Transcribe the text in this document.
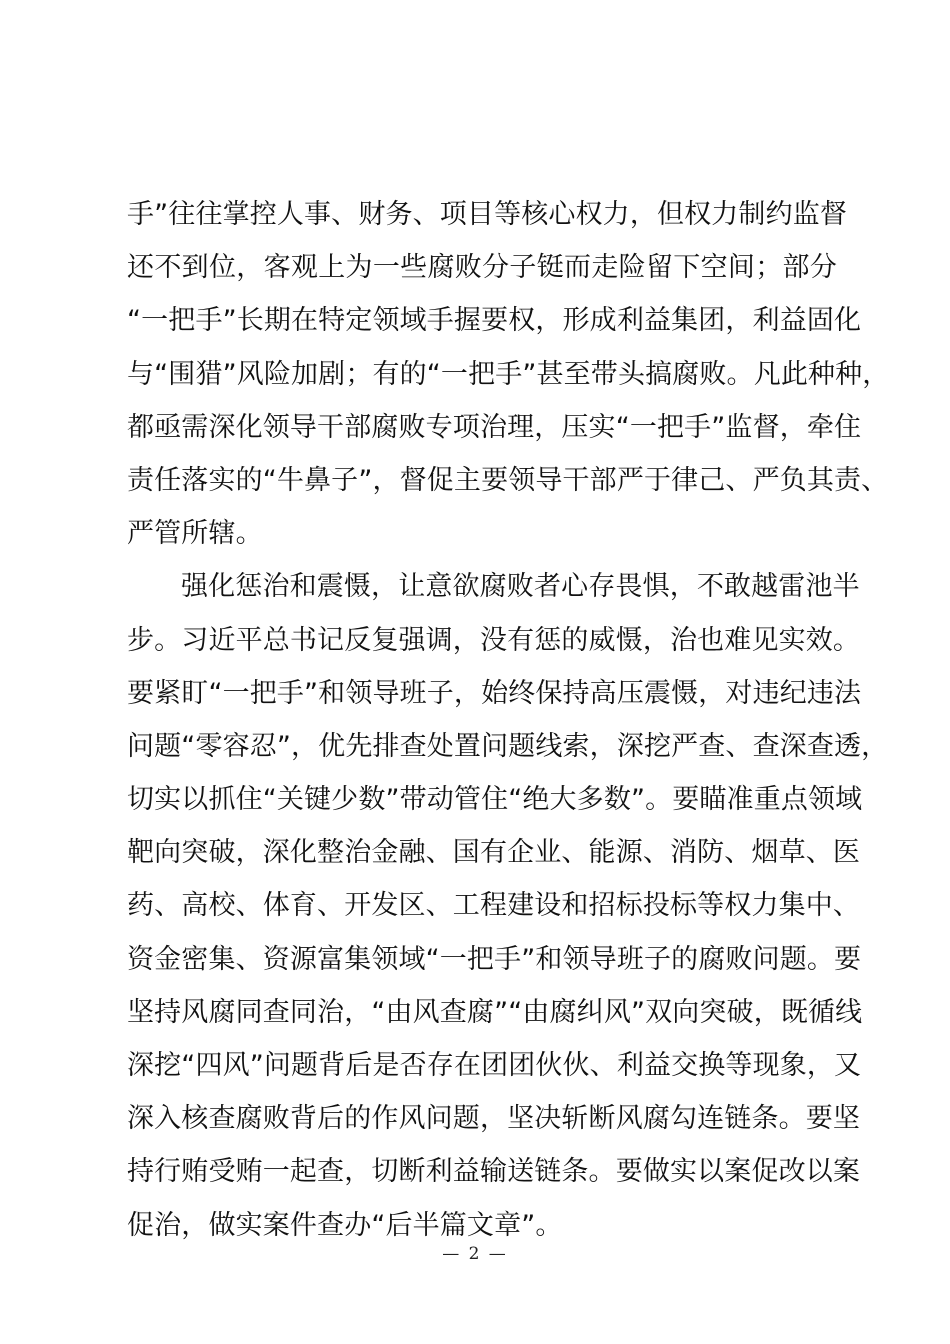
手”往往掌控人事、财务、项目等核心权力，但权力制约监督
还不到位，客观上为一些腐败分子铤而走险留下空间；部分
“一把手”长期在特定领域手握要权，形成利益集团，利益固化
与“围猎”风险加剧；有的“一把手”甚至带头搞腐败。凡此种种，
都亟需深化领导干部腐败专项治理，压实“一把手”监督，牵住
责任落实的“牛鼻子”，督促主要领导干部严于律己、严负其责、
严管所辖。
强化惩治和震慑，让意欲腐败者心存畏惧，不敢越雷池半
步。习近平总书记反复强调，没有惩的威慑，治也难见实效。
要紧盯“一把手”和领导班子，始终保持高压震慑，对违纪违法
问题“零容忍”，优先排查处置问题线索，深挖严查、查深查透，
切实以抓住“关键少数”带动管住“绝大多数”。要瞄准重点领域
靶向突破，深化整治金融、国有企业、能源、消防、烟草、医
药、高校、体育、开发区、工程建设和招标投标等权力集中、
资金密集、资源富集领域“一把手”和领导班子的腐败问题。要
坚持风腐同查同治，“由风查腐”“由腐纠风”双向突破，既循线
深挖“四风”问题背后是否存在团团伙伙、利益交换等现象，又
深入核查腐败背后的作风问题，坚决斩断风腐勾连链条。要坚
持行贿受贿一起查，切断利益输送链条。要做实以案促改以案
促治，做实案件查办“后半篇文章”。
— 2 —
